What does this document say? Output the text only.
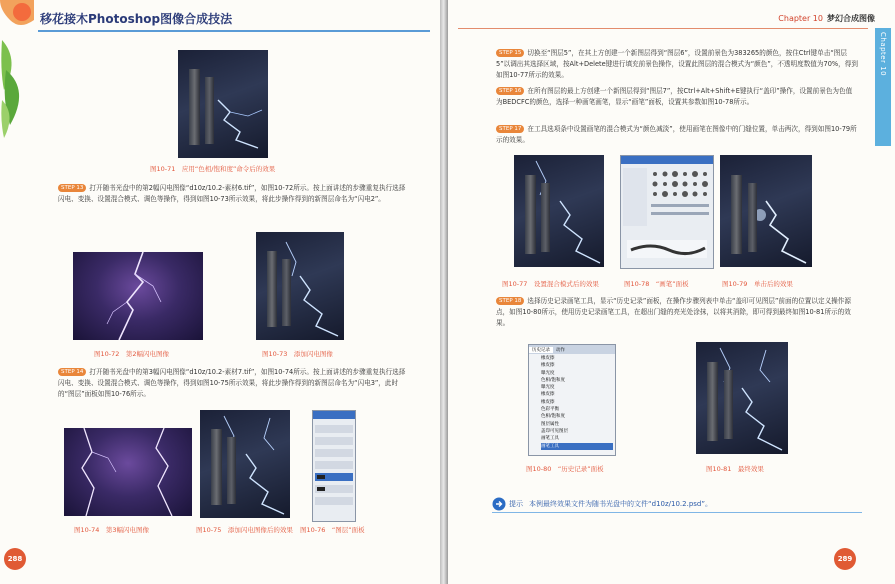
移花接木Photoshop图像合成技法
图10-71　应用“色相/饱和度”命令后的效果
STEP 13 打开随书光盘中的第2幅闪电图像“d10z/10.2-素材6.tif”，如图10-72所示。按上面讲述的步骤重复执行选择闪电、变换、设置混合模式、调色等操作，得到如图10-73所示效果，将此步操作得到的新图层命名为“闪电2”。
图10-72　第2幅闪电图像	图10-73　添加闪电图像
STEP 14 打开随书光盘中的第3幅闪电图像“d10z/10.2-素材7.tif”，如图10-74所示。按上面讲述的步骤重复执行选择闪电、变换、设置混合模式、调色等操作，得到如图10-75所示效果，将此步操作得到的新图层命名为“闪电3”，此时的“图层”面板如图10-76所示。
图10-74　第3幅闪电图像	图10-75　添加闪电图像后的效果 图10-76　“图层”面板
288
Chapter 10 梦幻合成图像
Chapter 10
STEP 15 切换至“图层5”，在其上方创建一个新图层得到“图层6”，设置前景色为383265的颜色，按住Ctrl键单击“图层5”以调出其选择区域，按Alt+Delete键进行填充前景色操作，设置此图层的混合模式为“颜色”，不透明度数值为70%，得到如图10-77所示的效果。
STEP 16 在所有图层的最上方创建一个新图层得到“图层7”，按Ctrl+Alt+Shift+E键执行“盖印”操作，设置前景色为色值为BEDCFC的颜色，选择一种画笔画笔，显示“画笔”面板，设置其参数如图10-78所示。
STEP 17 在工具选项条中设置画笔的混合模式为“颜色减淡”，使用画笔在图像中的门缝位置，单击两次，得到如图10-79所示的效果。
图10-77　设置混合模式后的效果	图10-78　“画笔”面板	图10-79　单击后的效果
STEP 18 选择历史记录画笔工具，显示“历史记录”面板，在操作步骤列表中单击“盖印可见图层”前面的位置以定义操作源点，如图10-80所示，使用历史记录画笔工具，在超出门缝的亮光处涂抹，以将其消除，即可得到最终如图10-81所示的效果。
历史记录	动作
橡皮擦
橡皮擦
曝光度
色相/饱和度
曝光度
橡皮擦
橡皮擦
色彩平衡
色相/饱和度
图层属性
盖印可见图层
画笔工具
画笔工具
图10-80　“历史记录”面板	图10-81　最终效果
提示 本例最终效果文件为随书光盘中的文件“d10z/10.2.psd”。
289
